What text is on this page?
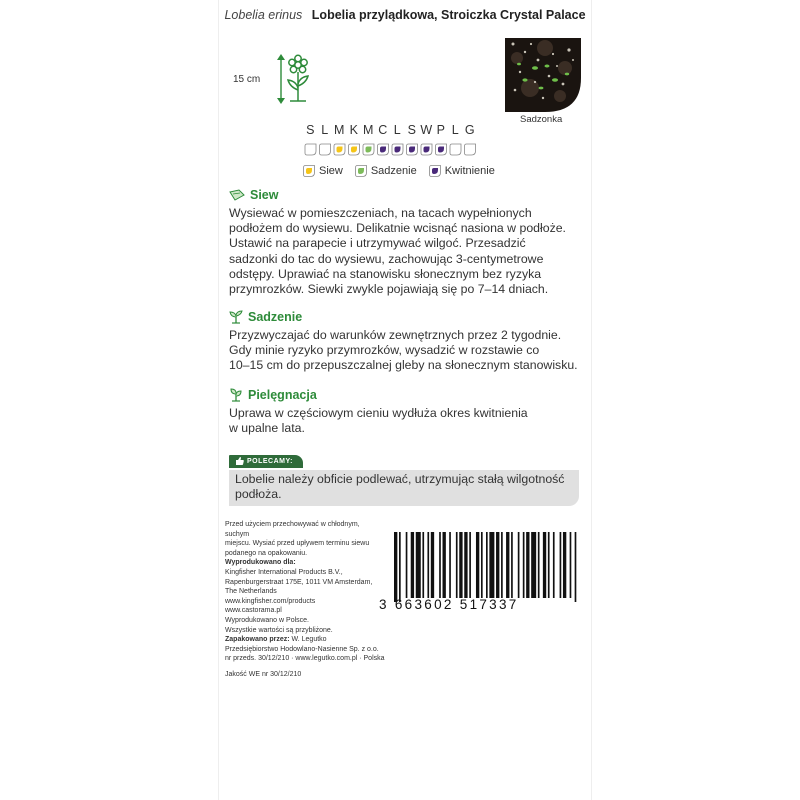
Lobelia erinus Lobelia przylądkowa, Stroiczka Crystal Palace
15 cm
Sadzonka
S L M K M C L S W P L G
Siew	Sadzenie	Kwitnienie
Siew
Wysiewać w pomieszczeniach, na tacach wypełnionych
podłożem do wysiewu. Delikatnie wcisnąć nasiona w podłoże.
Ustawić na parapecie i utrzymywać wilgoć. Przesadzić
sadzonki do tac do wysiewu, zachowując 3-centymetrowe
odstępy. Uprawiać na stanowisku słonecznym bez ryzyka
przymrozków. Siewki zwykle pojawiają się po 7–14 dniach.
Sadzenie
Przyzwyczajać do warunków zewnętrznych przez 2 tygodnie.
Gdy minie ryzyko przymrozków, wysadzić w rozstawie co
10–15 cm do przepuszczalnej gleby na słonecznym stanowisku.
Pielęgnacja
Uprawa w częściowym cieniu wydłuża okres kwitnienia
w upalne lata.
POLECAMY:
Lobelie należy obficie podlewać, utrzymując stałą wilgotność
podłoża.
Przed użyciem przechowywać w chłodnym, suchym
miejscu. Wysiać przed upływem terminu siewu
podanego na opakowaniu.
Wyprodukowano dla:
Kingfisher International Products B.V.,
Rapenburgerstraat 175E, 1011 VM Amsterdam,
The Netherlands
www.kingfisher.com/products
www.castorama.pl
Wyprodukowano w Polsce.
Wszystkie wartości są przybliżone.
Zapakowano przez: W. Legutko
Przedsiębiorstwo Hodowlano-Nasienne Sp. z o.o.
nr przeds. 30/12/210 · www.legutko.com.pl · Polska
Jakość WE nr 30/12/210
3 663602 517337
